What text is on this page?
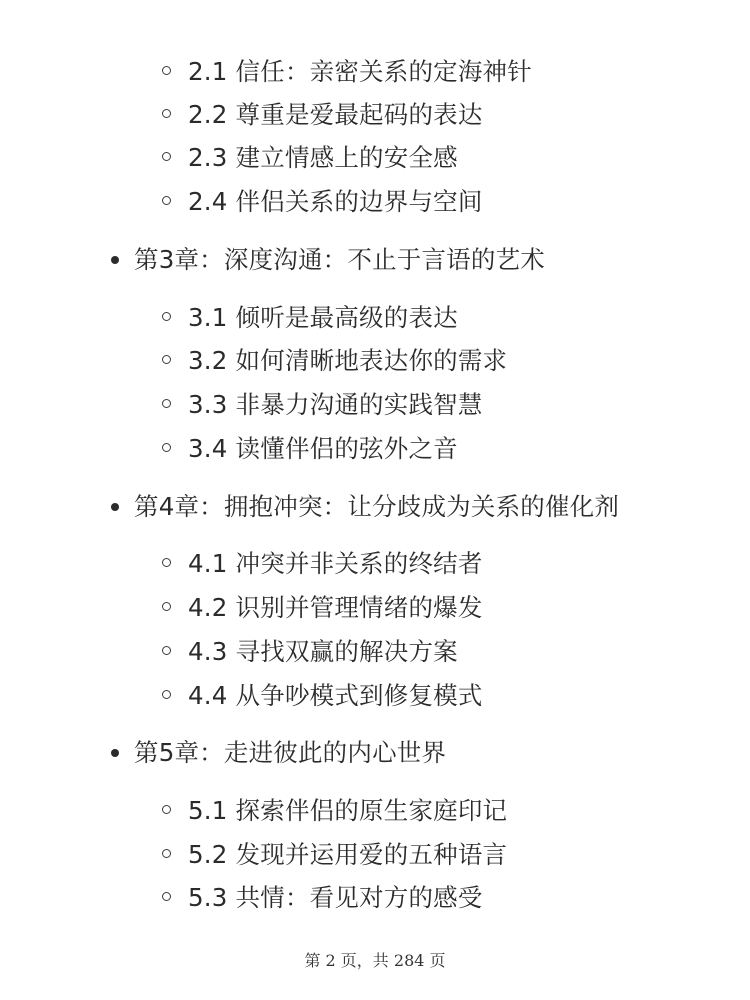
2.1 信任：亲密关系的定海神针
2.2 尊重是爱最起码的表达
2.3 建立情感上的安全感
2.4 伴侣关系的边界与空间
第3章：深度沟通：不止于言语的艺术
3.1 倾听是最高级的表达
3.2 如何清晰地表达你的需求
3.3 非暴力沟通的实践智慧
3.4 读懂伴侣的弦外之音
第4章：拥抱冲突：让分歧成为关系的催化剂
4.1 冲突并非关系的终结者
4.2 识别并管理情绪的爆发
4.3 寻找双赢的解决方案
4.4 从争吵模式到修复模式
第5章：走进彼此的内心世界
5.1 探索伴侣的原生家庭印记
5.2 发现并运用爱的五种语言
5.3 共情：看见对方的感受
第 2 页，共 284 页
